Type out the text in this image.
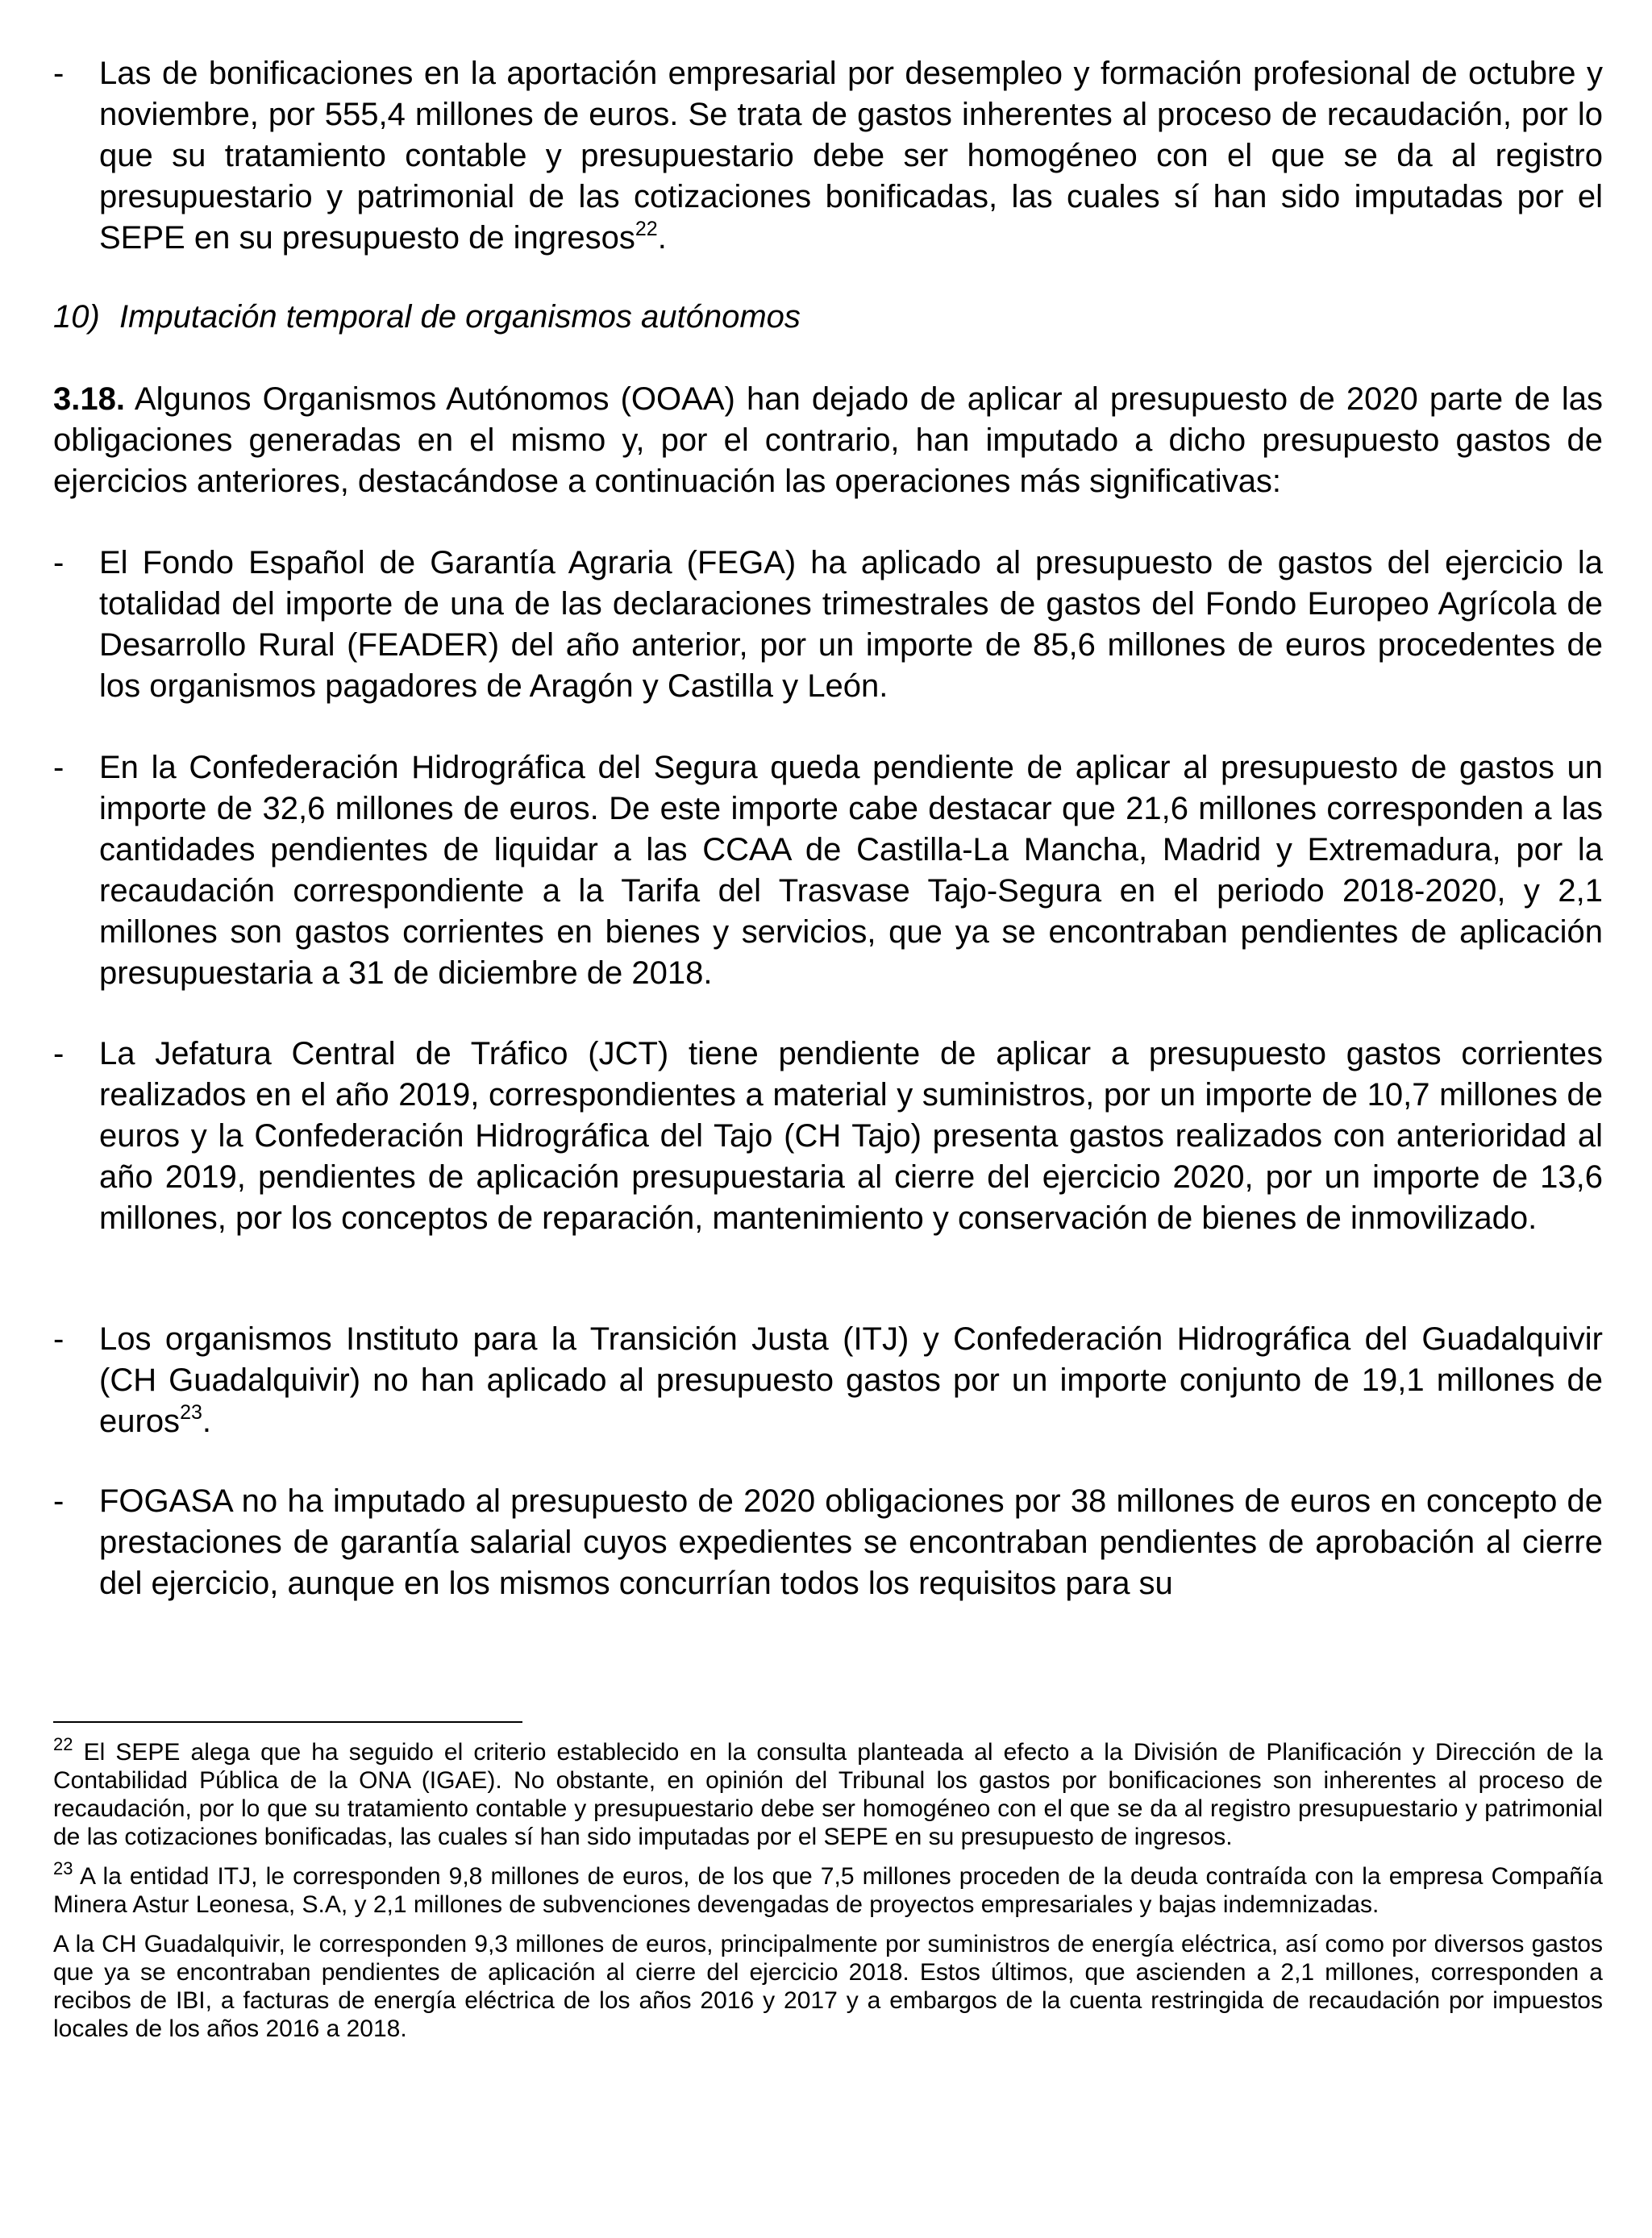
- Las de bonificaciones en la aportación empresarial por desempleo y formación profesional de octubre y noviembre, por 555,4 millones de euros. Se trata de gastos inherentes al proceso de recaudación, por lo que su tratamiento contable y presupuestario debe ser homogéneo con el que se da al registro presupuestario y patrimonial de las cotizaciones bonificadas, las cuales sí han sido imputadas por el SEPE en su presupuesto de ingresos$^{22}$.
10) Imputación temporal de organismos autónomos
3.18. Algunos Organismos Autónomos (OOAA) han dejado de aplicar al presupuesto de 2020 parte de las obligaciones generadas en el mismo y, por el contrario, han imputado a dicho presupuesto gastos de ejercicios anteriores, destacándose a continuación las operaciones más significativas:
- El Fondo Español de Garantía Agraria (FEGA) ha aplicado al presupuesto de gastos del ejercicio la totalidad del importe de una de las declaraciones trimestrales de gastos del Fondo Europeo Agrícola de Desarrollo Rural (FEADER) del año anterior, por un importe de 85,6 millones de euros procedentes de los organismos pagadores de Aragón y Castilla y León.
- En la Confederación Hidrográfica del Segura queda pendiente de aplicar al presupuesto de gastos un importe de 32,6 millones de euros. De este importe cabe destacar que 21,6 millones corresponden a las cantidades pendientes de liquidar a las CCAA de Castilla-La Mancha, Madrid y Extremadura, por la recaudación correspondiente a la Tarifa del Trasvase Tajo-Segura en el periodo 2018-2020, y 2,1 millones son gastos corrientes en bienes y servicios, que ya se encontraban pendientes de aplicación presupuestaria a 31 de diciembre de 2018.
- La Jefatura Central de Tráfico (JCT) tiene pendiente de aplicar a presupuesto gastos corrientes realizados en el año 2019, correspondientes a material y suministros, por un importe de 10,7 millones de euros y la Confederación Hidrográfica del Tajo (CH Tajo) presenta gastos realizados con anterioridad al año 2019, pendientes de aplicación presupuestaria al cierre del ejercicio 2020, por un importe de 13,6 millones, por los conceptos de reparación, mantenimiento y conservación de bienes de inmovilizado.
- Los organismos Instituto para la Transición Justa (ITJ) y Confederación Hidrográfica del Guadalquivir (CH Guadalquivir) no han aplicado al presupuesto gastos por un importe conjunto de 19,1 millones de euros$^{23}$.
- FOGASA no ha imputado al presupuesto de 2020 obligaciones por 38 millones de euros en concepto de prestaciones de garantía salarial cuyos expedientes se encontraban pendientes de aprobación al cierre del ejercicio, aunque en los mismos concurrían todos los requisitos para su
$^{22}$ El SEPE alega que ha seguido el criterio establecido en la consulta planteada al efecto a la División de Planificación y Dirección de la Contabilidad Pública de la ONA (IGAE). No obstante, en opinión del Tribunal los gastos por bonificaciones son inherentes al proceso de recaudación, por lo que su tratamiento contable y presupuestario debe ser homogéneo con el que se da al registro presupuestario y patrimonial de las cotizaciones bonificadas, las cuales sí han sido imputadas por el SEPE en su presupuesto de ingresos.
$^{23}$ A la entidad ITJ, le corresponden 9,8 millones de euros, de los que 7,5 millones proceden de la deuda contraída con la empresa Compañía Minera Astur Leonesa, S.A, y 2,1 millones de subvenciones devengadas de proyectos empresariales y bajas indemnizadas.
A la CH Guadalquivir, le corresponden 9,3 millones de euros, principalmente por suministros de energía eléctrica, así como por diversos gastos que ya se encontraban pendientes de aplicación al cierre del ejercicio 2018. Estos últimos, que ascienden a 2,1 millones, corresponden a recibos de IBI, a facturas de energía eléctrica de los años 2016 y 2017 y a embargos de la cuenta restringida de recaudación por impuestos locales de los años 2016 a 2018.
